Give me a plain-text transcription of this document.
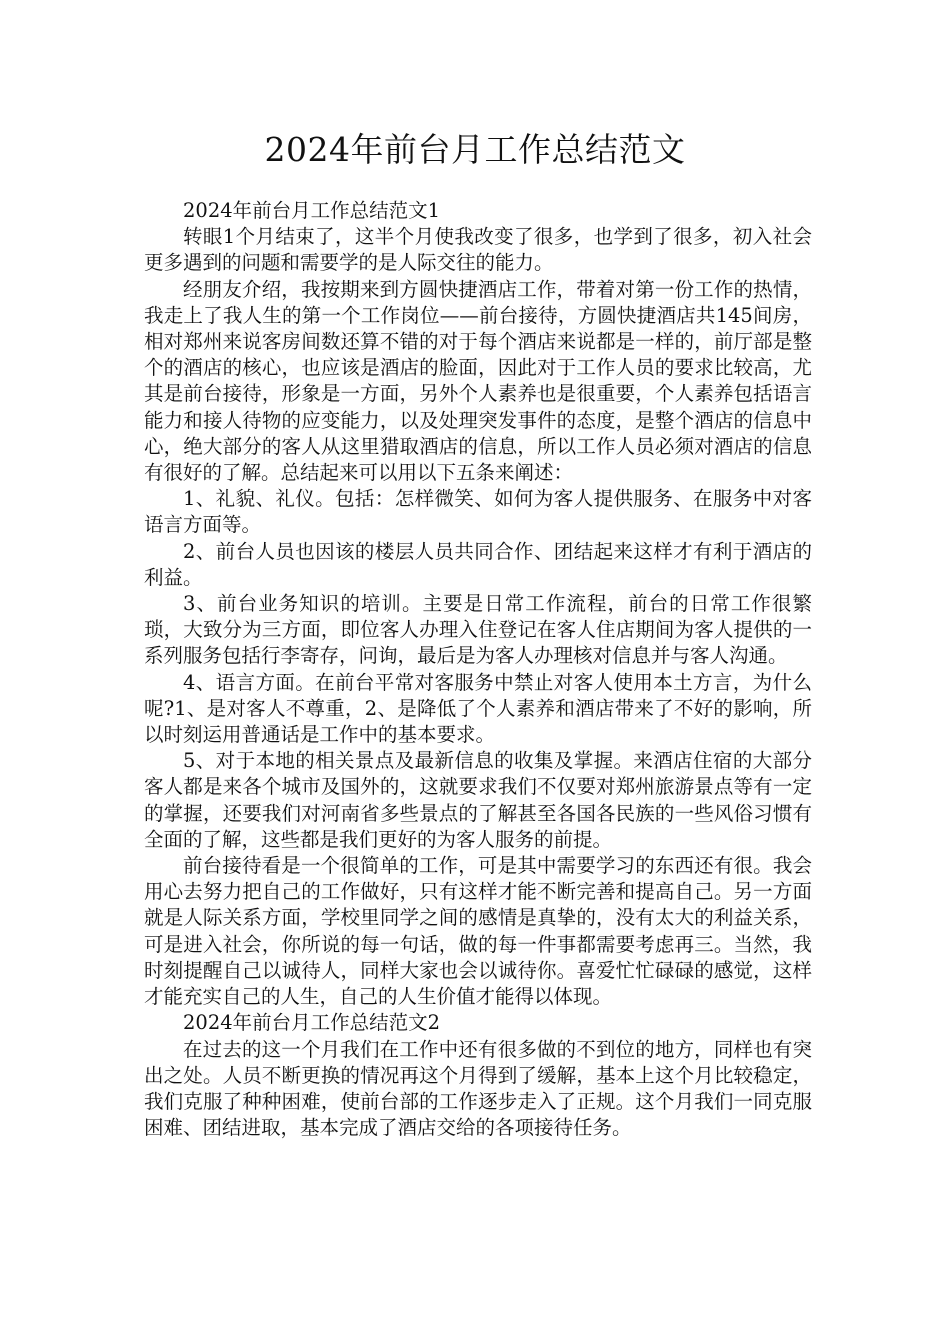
2024年前台月工作总结范文

2024年前台月工作总结范文1

转眼1个月结束了，这半个月使我改变了很多，也学到了很多，初入社会更多遇到的问题和需要学的是人际交往的能力。

经朋友介绍，我按期来到方圆快捷酒店工作，带着对第一份工作的热情，我走上了我人生的第一个工作岗位——前台接待，方圆快捷酒店共145间房，相对郑州来说客房间数还算不错的对于每个酒店来说都是一样的，前厅部是整个的酒店的核心，也应该是酒店的脸面，因此对于工作人员的要求比较高，尤其是前台接待，形象是一方面，另外个人素养也是很重要，个人素养包括语言能力和接人待物的应变能力，以及处理突发事件的态度，是整个酒店的信息中心，绝大部分的客人从这里猎取酒店的信息，所以工作人员必须对酒店的信息有很好的了解。总结起来可以用以下五条来阐述：

1、礼貌、礼仪。包括：怎样微笑、如何为客人提供服务、在服务中对客语言方面等。

2、前台人员也因该的楼层人员共同合作、团结起来这样才有利于酒店的利益。

3、前台业务知识的培训。主要是日常工作流程，前台的日常工作很繁琐，大致分为三方面，即位客人办理入住登记在客人住店期间为客人提供的一系列服务包括行李寄存，问询，最后是为客人办理核对信息并与客人沟通。

4、语言方面。在前台平常对客服务中禁止对客人使用本土方言，为什么呢?1、是对客人不尊重，2、是降低了个人素养和酒店带来了不好的影响，所以时刻运用普通话是工作中的基本要求。

5、对于本地的相关景点及最新信息的收集及掌握。来酒店住宿的大部分客人都是来各个城市及国外的，这就要求我们不仅要对郑州旅游景点等有一定的掌握，还要我们对河南省多些景点的了解甚至各国各民族的一些风俗习惯有全面的了解，这些都是我们更好的为客人服务的前提。

前台接待看是一个很简单的工作，可是其中需要学习的东西还有很。我会用心去努力把自己的工作做好，只有这样才能不断完善和提高自己。另一方面就是人际关系方面，学校里同学之间的感情是真挚的，没有太大的利益关系，可是进入社会，你所说的每一句话，做的每一件事都需要考虑再三。当然，我时刻提醒自己以诚待人，同样大家也会以诚待你。喜爱忙忙碌碌的感觉，这样才能充实自己的人生，自己的人生价值才能得以体现。

2024年前台月工作总结范文2

在过去的这一个月我们在工作中还有很多做的不到位的地方，同样也有突出之处。人员不断更换的情况再这个月得到了缓解，基本上这个月比较稳定，我们克服了种种困难，使前台部的工作逐步走入了正规。这个月我们一同克服困难、团结进取，基本完成了酒店交给的各项接待任务。
